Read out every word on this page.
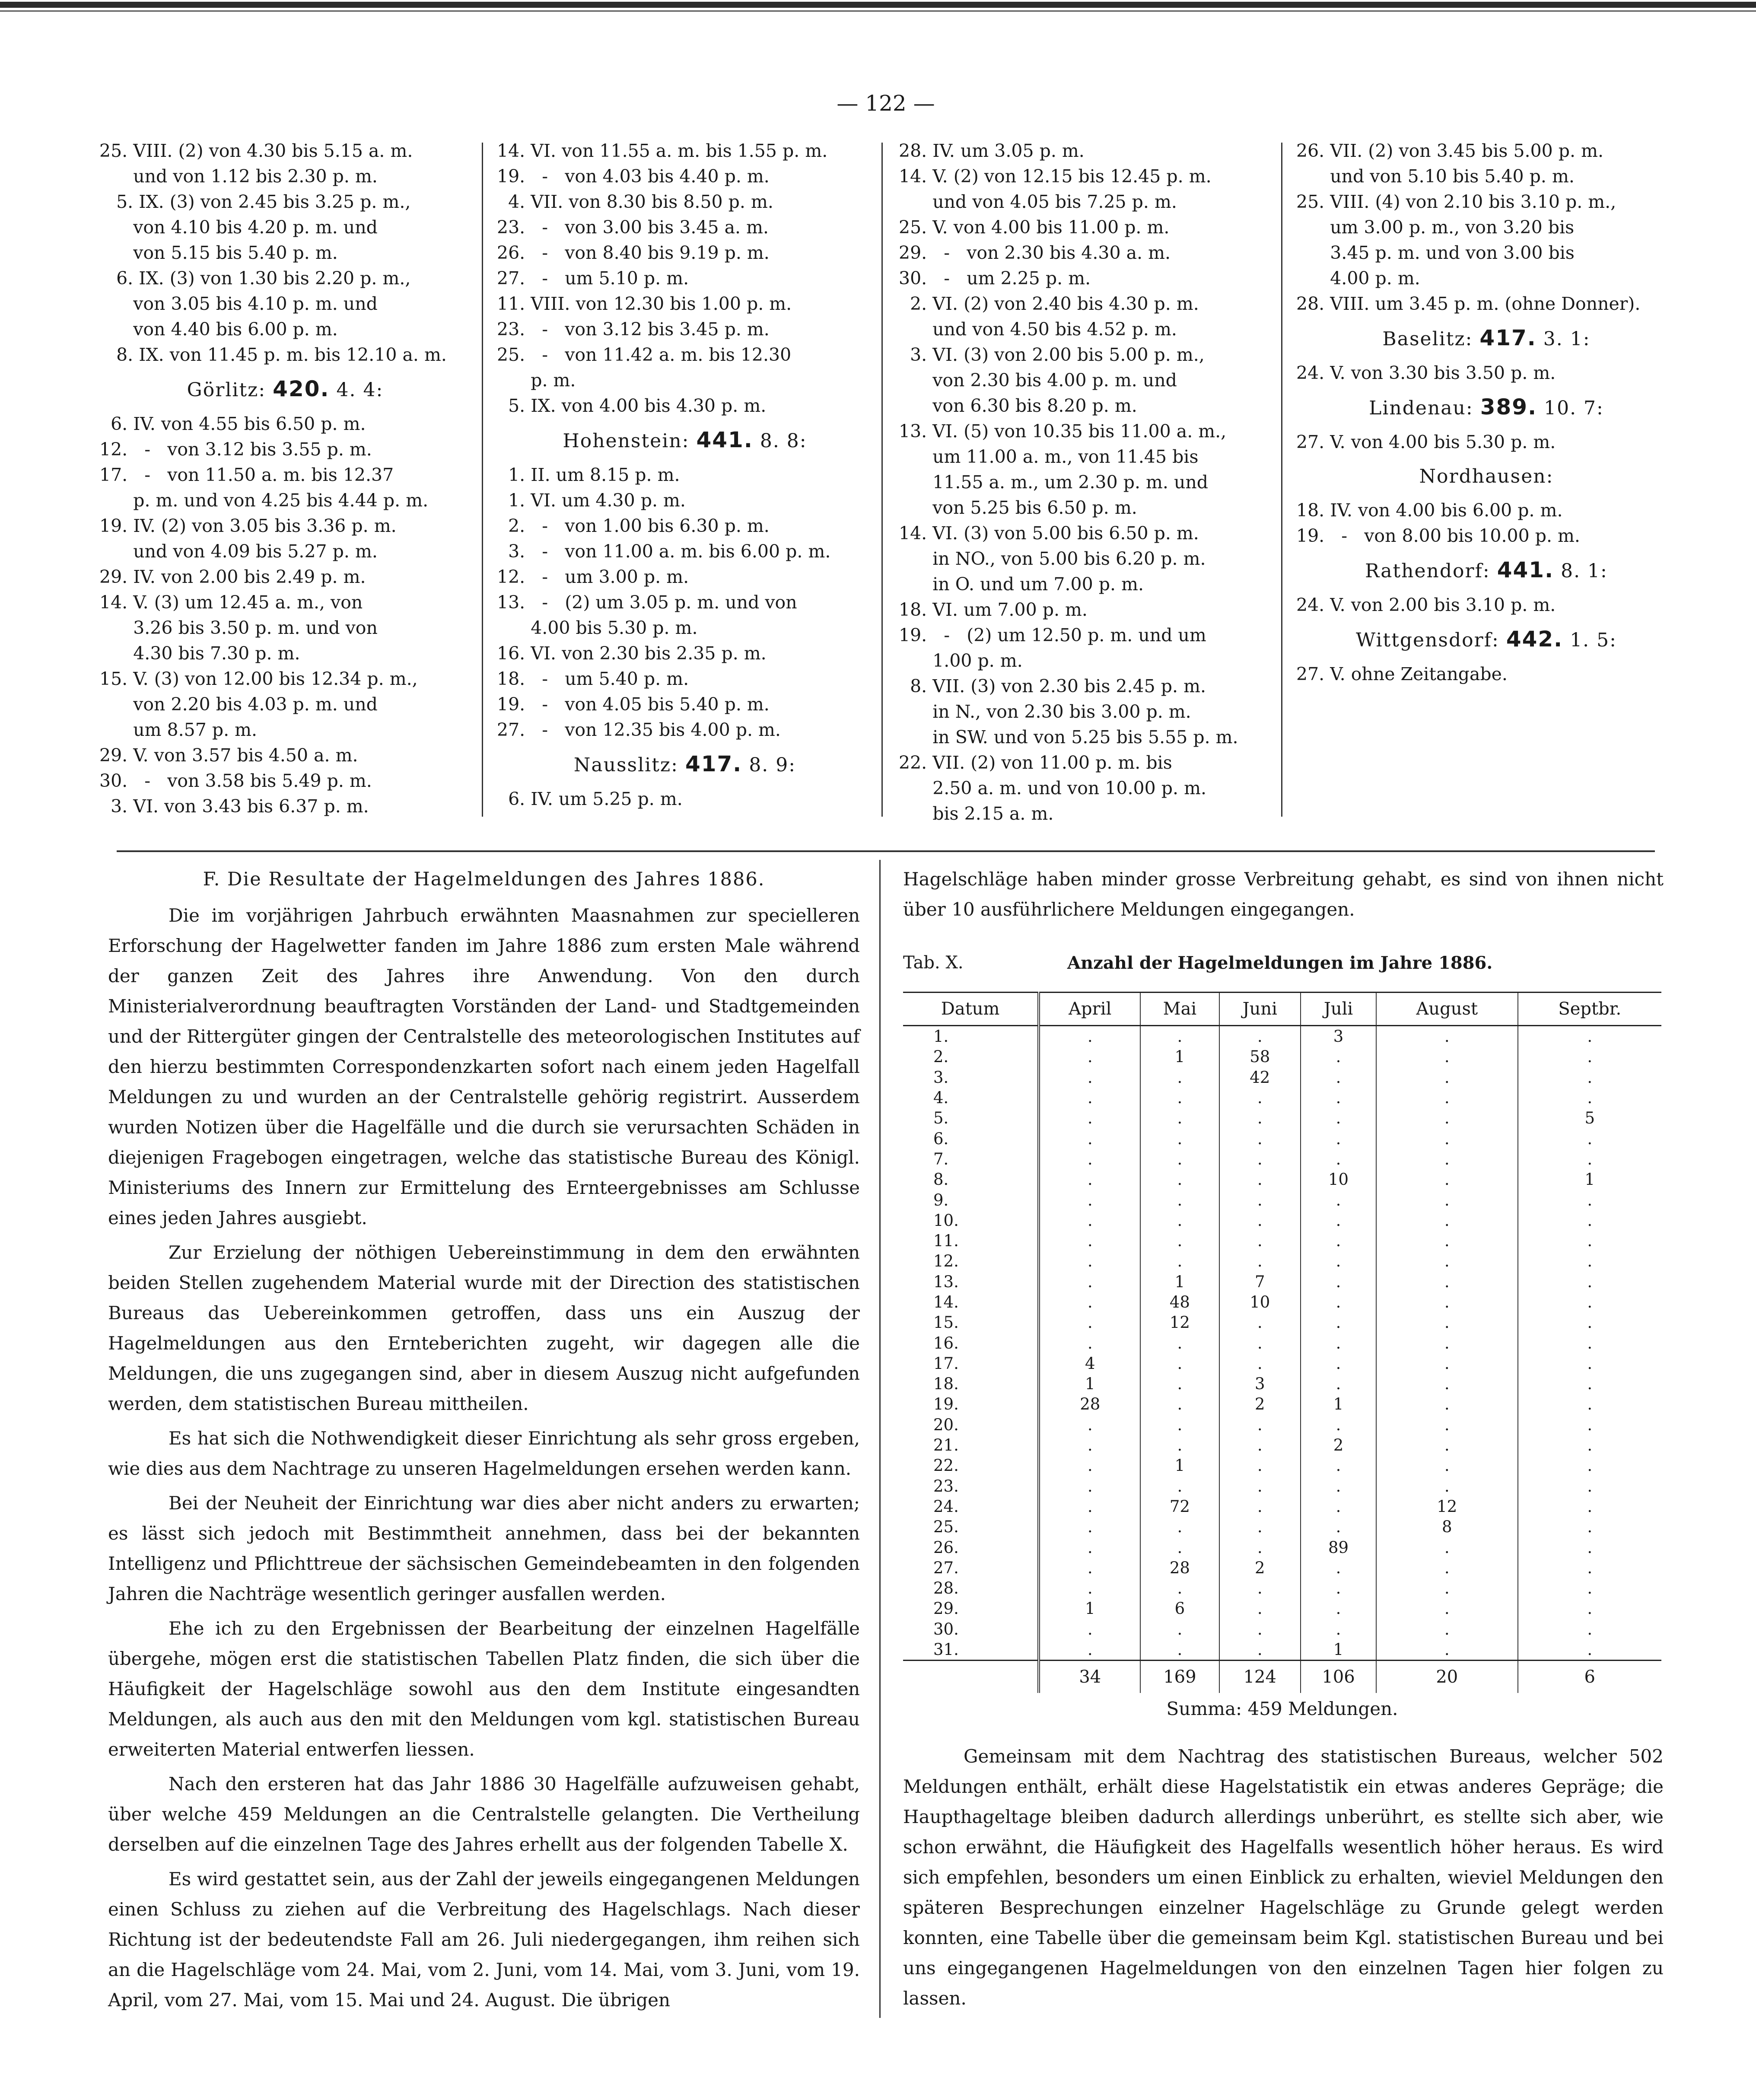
— 122 —
25. VIII. (2) von 4.30 bis 5.15 a. m.
und von 1.12 bis 2.30 p. m.
5. IX. (3) von 2.45 bis 3.25 p. m.,
von 4.10 bis 4.20 p. m. und
von 5.15 bis 5.40 p. m.
6. IX. (3) von 1.30 bis 2.20 p. m.,
von 3.05 bis 4.10 p. m. und
von 4.40 bis 6.00 p. m.
8. IX. von 11.45 p. m. bis 12.10 a. m.
Görlitz: 420. 4. 4:
6. IV. von 4.55 bis 6.50 p. m.
12.   -   von 3.12 bis 3.55 p. m.
17.   -   von 11.50 a. m. bis 12.37
p. m. und von 4.25 bis 4.44 p. m.
19. IV. (2) von 3.05 bis 3.36 p. m.
und von 4.09 bis 5.27 p. m.
29. IV. von 2.00 bis 2.49 p. m.
14. V. (3) um 12.45 a. m., von
3.26 bis 3.50 p. m. und von
4.30 bis 7.30 p. m.
15. V. (3) von 12.00 bis 12.34 p. m.,
von 2.20 bis 4.03 p. m. und
um 8.57 p. m.
29. V. von 3.57 bis 4.50 a. m.
30.   -   von 3.58 bis 5.49 p. m.
3. VI. von 3.43 bis 6.37 p. m.
14. VI. von 11.55 a. m. bis 1.55 p. m.
19.   -   von 4.03 bis 4.40 p. m.
4. VII. von 8.30 bis 8.50 p. m.
23.   -   von 3.00 bis 3.45 a. m.
26.   -   von 8.40 bis 9.19 p. m.
27.   -   um 5.10 p. m.
11. VIII. von 12.30 bis 1.00 p. m.
23.   -   von 3.12 bis 3.45 p. m.
25.   -   von 11.42 a. m. bis 12.30
p. m.
5. IX. von 4.00 bis 4.30 p. m.
Hohenstein: 441. 8. 8:
1. II. um 8.15 p. m.
1. VI. um 4.30 p. m.
2.   -   von 1.00 bis 6.30 p. m.
3.   -   von 11.00 a. m. bis 6.00 p. m.
12.   -   um 3.00 p. m.
13.   -   (2) um 3.05 p. m. und von
4.00 bis 5.30 p. m.
16. VI. von 2.30 bis 2.35 p. m.
18.   -   um 5.40 p. m.
19.   -   von 4.05 bis 5.40 p. m.
27.   -   von 12.35 bis 4.00 p. m.
Nausslitz: 417. 8. 9:
6. IV. um 5.25 p. m.
28. IV. um 3.05 p. m.
14. V. (2) von 12.15 bis 12.45 p. m.
und von 4.05 bis 7.25 p. m.
25. V. von 4.00 bis 11.00 p. m.
29.   -   von 2.30 bis 4.30 a. m.
30.   -   um 2.25 p. m.
2. VI. (2) von 2.40 bis 4.30 p. m.
und von 4.50 bis 4.52 p. m.
3. VI. (3) von 2.00 bis 5.00 p. m.,
von 2.30 bis 4.00 p. m. und
von 6.30 bis 8.20 p. m.
13. VI. (5) von 10.35 bis 11.00 a. m.,
um 11.00 a. m., von 11.45 bis
11.55 a. m., um 2.30 p. m. und
von 5.25 bis 6.50 p. m.
14. VI. (3) von 5.00 bis 6.50 p. m.
in NO., von 5.00 bis 6.20 p. m.
in O. und um 7.00 p. m.
18. VI. um 7.00 p. m.
19.   -   (2) um 12.50 p. m. und um
1.00 p. m.
8. VII. (3) von 2.30 bis 2.45 p. m.
in N., von 2.30 bis 3.00 p. m.
in SW. und von 5.25 bis 5.55 p. m.
22. VII. (2) von 11.00 p. m. bis
2.50 a. m. und von 10.00 p. m.
bis 2.15 a. m.
26. VII. (2) von 3.45 bis 5.00 p. m.
und von 5.10 bis 5.40 p. m.
25. VIII. (4) von 2.10 bis 3.10 p. m.,
um 3.00 p. m., von 3.20 bis
3.45 p. m. und von 3.00 bis
4.00 p. m.
28. VIII. um 3.45 p. m. (ohne Donner).
Baselitz: 417. 3. 1:
24. V. von 3.30 bis 3.50 p. m.
Lindenau: 389. 10. 7:
27. V. von 4.00 bis 5.30 p. m.
Nordhausen:
18. IV. von 4.00 bis 6.00 p. m.
19.   -   von 8.00 bis 10.00 p. m.
Rathendorf: 441. 8. 1:
24. V. von 2.00 bis 3.10 p. m.
Wittgensdorf: 442. 1. 5:
27. V. ohne Zeitangabe.
F. Die Resultate der Hagelmeldungen des Jahres 1886.

Die im vorjährigen Jahrbuch erwähnten Maasnahmen zur specielleren Erforschung der Hagelwetter fanden im Jahre 1886 zum ersten Male während der ganzen Zeit des Jahres ihre Anwendung. Von den durch Ministerialverordnung beauftragten Vorständen der Land- und Stadtgemeinden und der Rittergüter gingen der Centralstelle des meteorologischen Institutes auf den hierzu bestimmten Correspondenzkarten sofort nach einem jeden Hagelfall Meldungen zu und wurden an der Centralstelle gehörig registrirt. Ausserdem wurden Notizen über die Hagelfälle und die durch sie verursachten Schäden in diejenigen Fragebogen eingetragen, welche das statistische Bureau des Königl. Ministeriums des Innern zur Ermittelung des Ernteergebnisses am Schlusse eines jeden Jahres ausgiebt.

Zur Erzielung der nöthigen Uebereinstimmung in dem den erwähnten beiden Stellen zugehendem Material wurde mit der Direction des statistischen Bureaus das Uebereinkommen getroffen, dass uns ein Auszug der Hagelmeldungen aus den Ernteberichten zugeht, wir dagegen alle die Meldungen, die uns zugegangen sind, aber in diesem Auszug nicht aufgefunden werden, dem statistischen Bureau mittheilen.

Es hat sich die Nothwendigkeit dieser Einrichtung als sehr gross ergeben, wie dies aus dem Nachtrage zu unseren Hagelmeldungen ersehen werden kann.

Bei der Neuheit der Einrichtung war dies aber nicht anders zu erwarten; es lässt sich jedoch mit Bestimmtheit annehmen, dass bei der bekannten Intelligenz und Pflichttreue der sächsischen Gemeindebeamten in den folgenden Jahren die Nachträge wesentlich geringer ausfallen werden.

Ehe ich zu den Ergebnissen der Bearbeitung der einzelnen Hagelfälle übergehe, mögen erst die statistischen Tabellen Platz finden, die sich über die Häufigkeit der Hagelschläge sowohl aus den dem Institute eingesandten Meldungen, als auch aus den mit den Meldungen vom kgl. statistischen Bureau erweiterten Material entwerfen liessen.

Nach den ersteren hat das Jahr 1886 30 Hagelfälle aufzuweisen gehabt, über welche 459 Meldungen an die Centralstelle gelangten. Die Vertheilung derselben auf die einzelnen Tage des Jahres erhellt aus der folgenden Tabelle X.

Es wird gestattet sein, aus der Zahl der jeweils eingegangenen Meldungen einen Schluss zu ziehen auf die Verbreitung des Hagelschlags. Nach dieser Richtung ist der bedeutendste Fall am 26. Juli niedergegangen, ihm reihen sich an die Hagelschläge vom 24. Mai, vom 2. Juni, vom 14. Mai, vom 3. Juni, vom 19. April, vom 27. Mai, vom 15. Mai und 24. August. Die übrigen

Hagelschläge haben minder grosse Verbreitung gehabt, es sind von ihnen nicht über 10 ausführlichere Meldungen eingegangen.

Tab. X.	Anzahl der Hagelmeldungen im Jahre 1886.
Datum	April	Mai	Juni	Juli	August	Septbr.
1.	.	.	.	3	.	.
2.	.	1	58	.	.	.
3.	.	.	42	.	.	.
4.	.	.	.	.	.	.
5.	.	.	.	.	.	5
6.	.	.	.	.	.	.
7.	.	.	.	.	.	.
8.	.	.	.	10	.	1
9.	.	.	.	.	.	.
10.	.	.	.	.	.	.
11.	.	.	.	.	.	.
12.	.	.	.	.	.	.
13.	.	1	7	.	.	.
14.	.	48	10	.	.	.
15.	.	12	.	.	.	.
16.	.	.	.	.	.	.
17.	4	.	.	.	.	.
18.	1	.	3	.	.	.
19.	28	.	2	1	.	.
20.	.	.	.	.	.	.
21.	.	.	.	2	.	.
22.	.	1	.	.	.	.
23.	.	.	.	.	.	.
24.	.	72	.	.	12	.
25.	.	.	.	.	8	.
26.	.	.	.	89	.	.
27.	.	28	2	.	.	.
28.	.	.	.	.	.	.
29.	1	6	.	.	.	.
30.	.	.	.	.	.	.
31.	.	.	.	1	.	.
	34	169	124	106	20	6
Summa: 459 Meldungen.

Gemeinsam mit dem Nachtrag des statistischen Bureaus, welcher 502 Meldungen enthält, erhält diese Hagelstatistik ein etwas anderes Gepräge; die Haupthageltage bleiben dadurch allerdings unberührt, es stellte sich aber, wie schon erwähnt, die Häufigkeit des Hagelfalls wesentlich höher heraus. Es wird sich empfehlen, besonders um einen Einblick zu erhalten, wieviel Meldungen den späteren Besprechungen einzelner Hagelschläge zu Grunde gelegt werden konnten, eine Tabelle über die gemeinsam beim Kgl. statistischen Bureau und bei uns eingegangenen Hagelmeldungen von den einzelnen Tagen hier folgen zu lassen.
